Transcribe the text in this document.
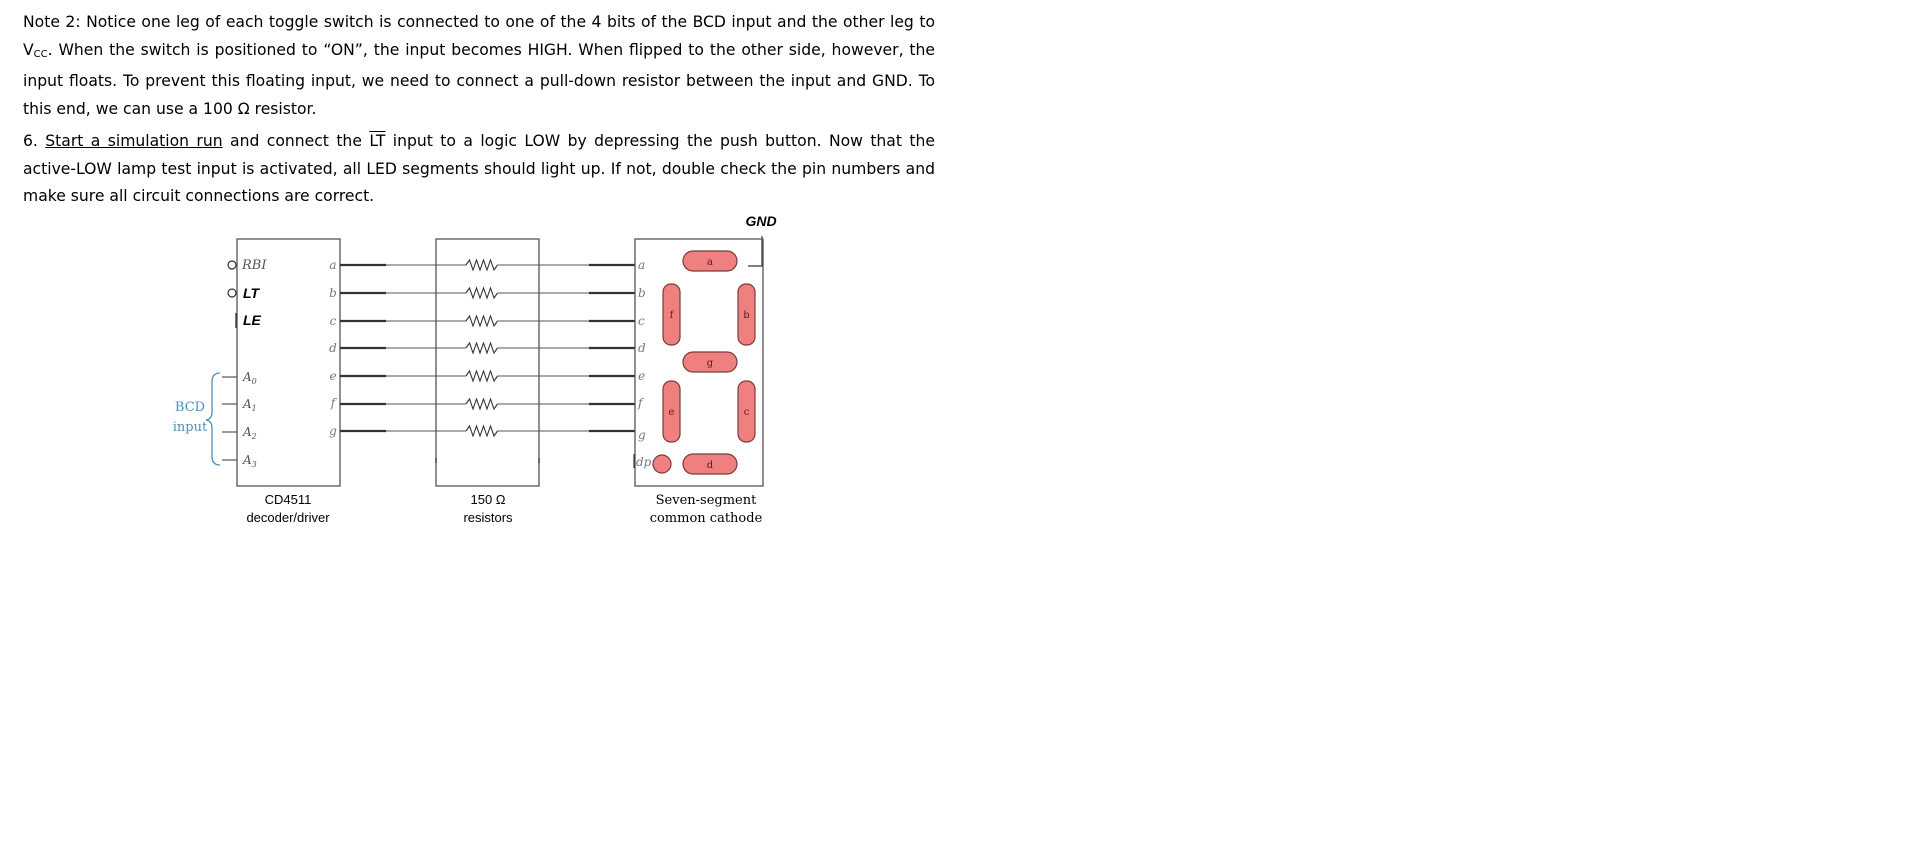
Note 2: Notice one leg of each toggle switch is connected to one of the 4 bits of the BCD input and the other leg to $V_{CC}$. When the switch is positioned to “ON”, the input becomes HIGH. When flipped to the other side, however, the input floats. To prevent this floating input, we need to connect a pull-down resistor between the input and GND. To this end, we can use a 100 Ω resistor.

6. Start a simulation run and connect the $\overline{LT}$ input to a logic LOW by depressing the push button. Now that the active-LOW lamp test input is activated, all LED segments should light up. If not, double check the pin numbers and make sure all circuit connections are correct.

GND
RBI
LT
LE
$A_0$
$A_1$
$A_2$
$A_3$
BCD
input
a
b
c
d
e
f
g
a
b
c
d
e
f
g
dp
a
b
c
d
e
f
g
CD4511
decoder/driver
150 Ω
resistors
Seven-segment
common cathode
